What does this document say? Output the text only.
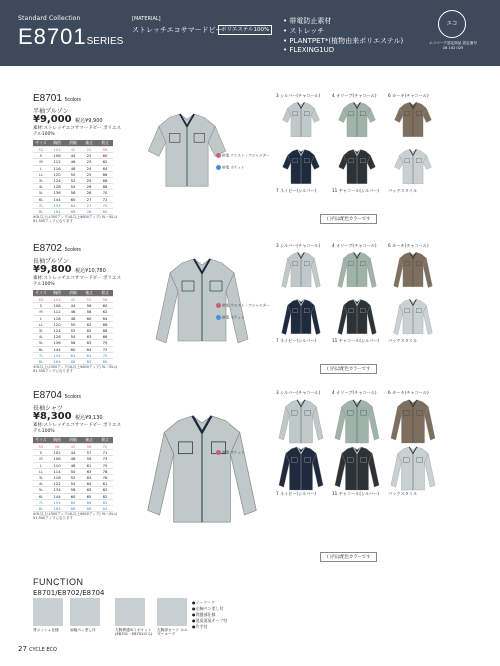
Standard Collection
E8701SERIES
[MATERIAL]
ストレッチエコサマードビー
ポリエステル100%
• 帯電防止素材
• ストレッチ
• PLANTPET*(植物由来ポリエステル)
• FLEXING1UD
エコ
エコマーク認定商品 認定番号 16 102 025
E8701 5colors
半袖ブルゾン
¥9,000 税込¥9,900
素材:ストレッチエコサマードビー ポリエステル100%
サイズ	胸囲	肩幅	袖丈	着丈
SS	104	42	22	58
S	108	44	22	60
M	112	46	23	62
L	116	48	24	64
LL	120	50	25	66
3L	124	52	25	68
4L	128	54	26	68
5L	136	58	26	70
6L	144	60	27	72
7L	154	64	27	75
8L	164	68	28	80
※3L以上は300アップ(4L以上¥600アップ) 5L〜8Lは¥1,500アップになります
帯電 ウエスト・アジャスター
帯電 ポケット
3 シルバー(チャコール)	4 オリーブ(チャコール)	6 カーキ(チャコール)
7 ネイビー(シルバー)	11 チャコール(シルバー)	バックスタイル
( )内は配色カラーです
E8702 5colors
長袖ブルゾン
¥9,800 税込¥10,780
素材:ストレッチエコサマードビー ポリエステル100%
サイズ	胸囲	肩幅	袖丈	着丈
SS	104	42	55	58
S	108	44	56	60
M	112	46	58	62
L	116	48	60	64
LL	120	50	62	66
3L	124	52	62	68
4L	128	54	63	68
5L	136	58	63	70
6L	144	60	64	72
7L	154	64	64	75
8L	164	68	65	80
※3L以上は300アップ(4L以上¥600アップ) 5L〜8Lは¥1,500アップになります
帯電 ウエスト・アジャスター
帯電 ポケット
3 シルバー(チャコール)	4 オリーブ(チャコール)	6 カーキ(チャコール)
7 ネイビー(シルバー)	11 チャコール(シルバー)	バックスタイル
( )内は配色カラーです
E8704 5colors
長袖シャツ
¥8,300 税込¥9,130
素材:ストレッチエコサマードビー ポリエステル100%
サイズ	胸囲	肩幅	袖丈	着丈
SS	98	42	56	70
S	102	44	57	71
M	106	46	59	73
L	110	48	61	75
LL	114	50	63	78
3L	118	52	63	78
4L	122	54	64	81
5L	134	58	65	82
6L	144	60	65	82
7L	154	64	66	82
8L	164	68	66	84
※3L以上は300アップ(4L以上¥600アップ) 5L〜8Lは¥1,500アップになります
帯電 ポケット
3 シルバー(チャコール)	4 オリーブ(チャコール)	6 カーキ(チャコール)
7 ネイビー(シルバー)	11 チャコール(シルバー)	バックスタイル
( )内は配色カラーです
FUNCTION
E8701/E8702/E8704
背メッシュ仕様	肩幅ペン差し付	左胸貫通3口 ポケット (E8701・E8702のみ)
左胸部カード ホルダーループ
●ノーフーク
●左胸ペン差し付
●背縫部仕様
●消臭消臭テープ付
●片手付
27 CYCLE ECO
